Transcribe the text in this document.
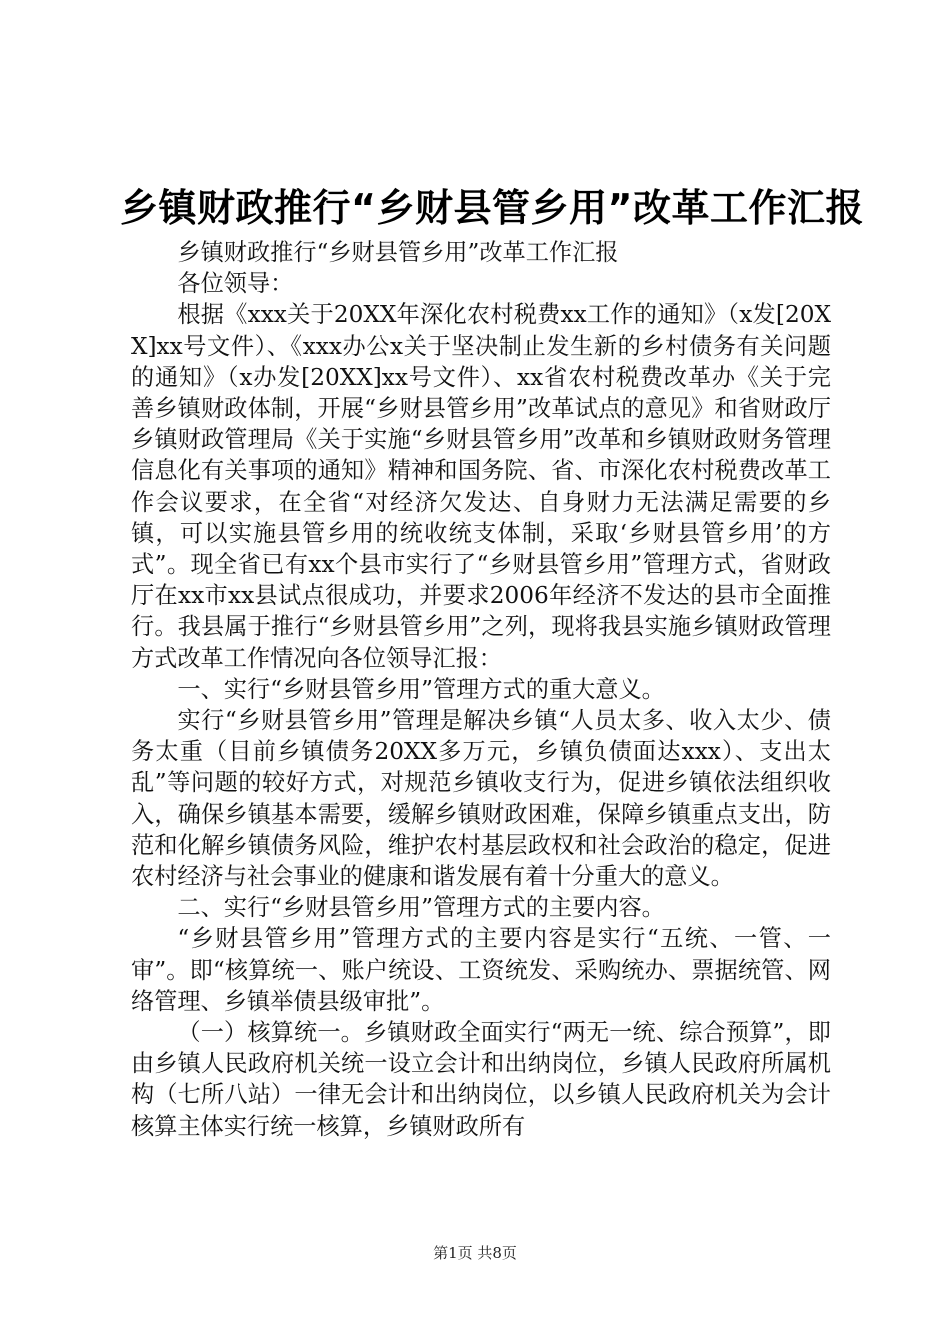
乡镇财政推行“乡财县管乡用”改革工作汇报

乡镇财政推行“乡财县管乡用”改革工作汇报

各位领导：

根据《xxx关于20XX年深化农村税费xx工作的通知》（x发[20XX]xx号文件）、《xxx办公x关于坚决制止发生新的乡村债务有关问题的通知》（x办发[20XX]xx号文件）、xx省农村税费改革办《关于完善乡镇财政体制，开展“乡财县管乡用”改革试点的意见》和省财政厅乡镇财政管理局《关于实施“乡财县管乡用”改革和乡镇财政财务管理信息化有关事项的通知》精神和国务院、省、市深化农村税费改革工作会议要求，在全省“对经济欠发达、自身财力无法满足需要的乡镇，可以实施县管乡用的统收统支体制，采取‘乡财县管乡用’的方式”。现全省已有xx个县市实行了“乡财县管乡用”管理方式，省财政厅在xx市xx县试点很成功，并要求2006年经济不发达的县市全面推行。我县属于推行“乡财县管乡用”之列，现将我县实施乡镇财政管理方式改革工作情况向各位领导汇报：

一、实行“乡财县管乡用”管理方式的重大意义。

实行“乡财县管乡用”管理是解决乡镇“人员太多、收入太少、债务太重（目前乡镇债务20XX多万元，乡镇负债面达xxx）、支出太乱”等问题的较好方式，对规范乡镇收支行为，促进乡镇依法组织收入，确保乡镇基本需要，缓解乡镇财政困难，保障乡镇重点支出，防范和化解乡镇债务风险，维护农村基层政权和社会政治的稳定，促进农村经济与社会事业的健康和谐发展有着十分重大的意义。

二、实行“乡财县管乡用”管理方式的主要内容。

“乡财县管乡用”管理方式的主要内容是实行“五统、一管、一审”。即“核算统一、账户统设、工资统发、采购统办、票据统管、网络管理、乡镇举债县级审批”。

（一）核算统一。乡镇财政全面实行“两无一统、综合预算”，即由乡镇人民政府机关统一设立会计和出纳岗位，乡镇人民政府所属机构（七所八站）一律无会计和出纳岗位，以乡镇人民政府机关为会计核算主体实行统一核算，乡镇财政所有

第1页 共8页
